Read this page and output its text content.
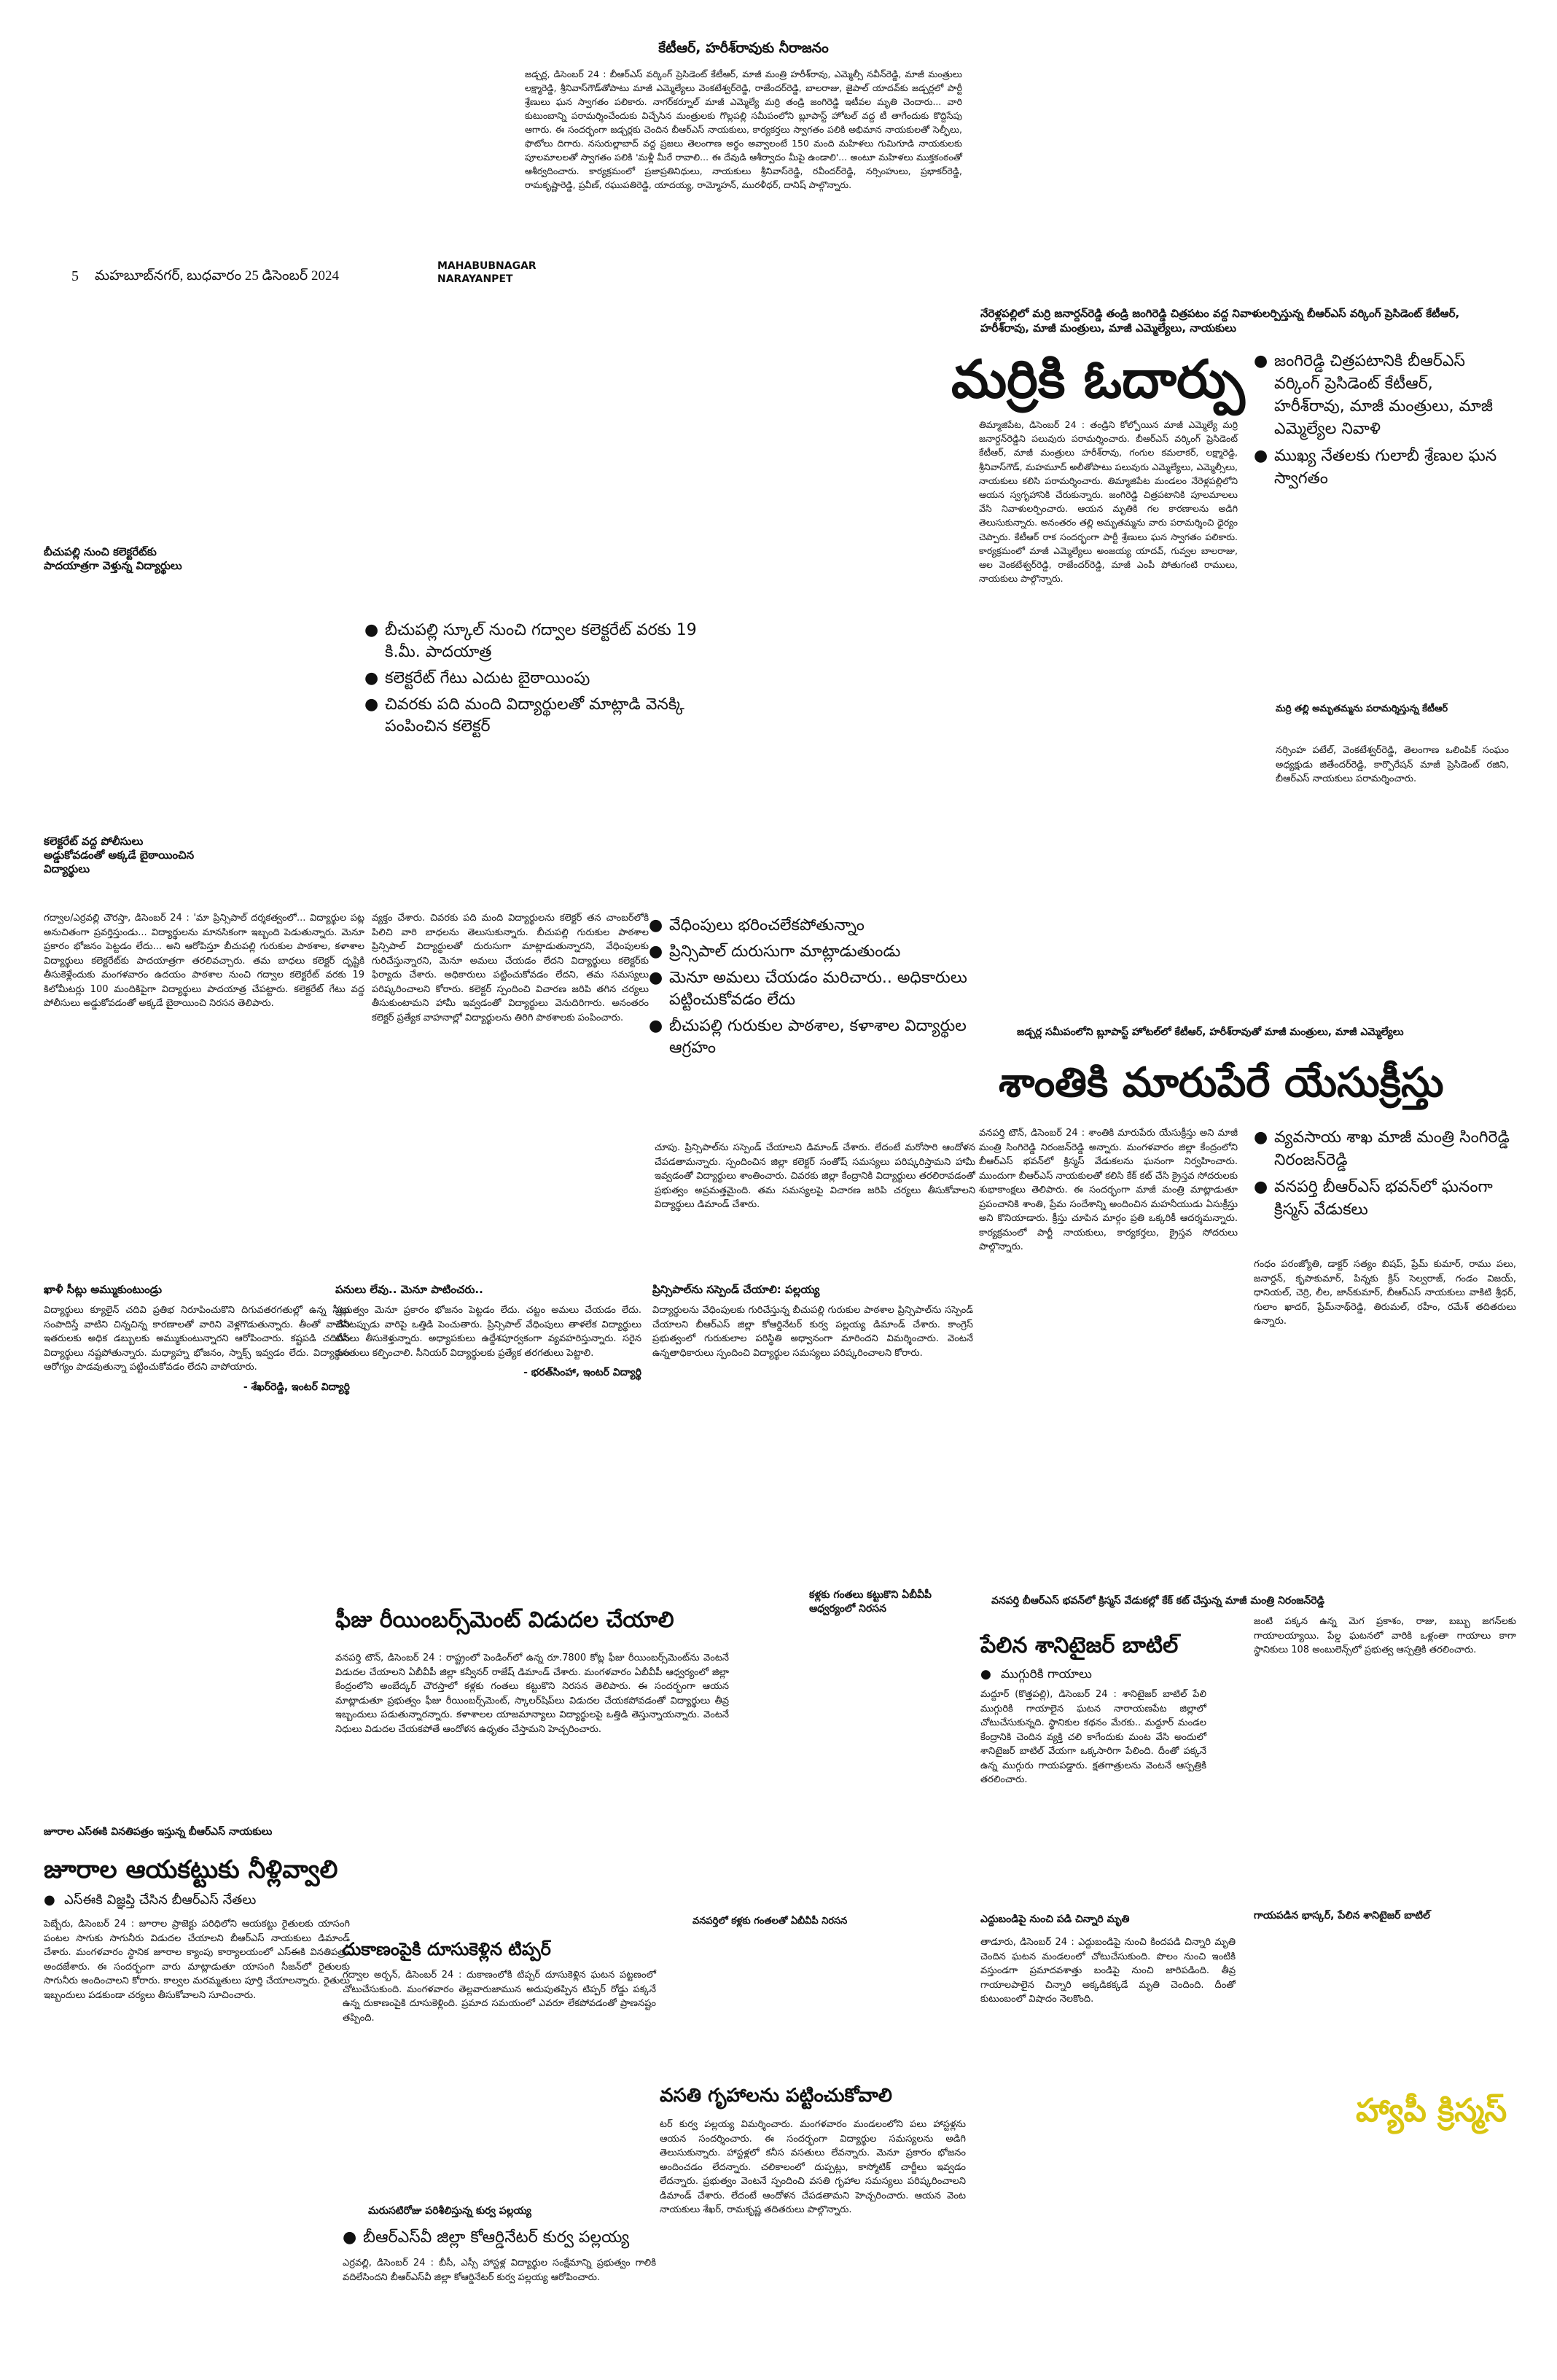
5 మహబూబ్‌నగర్, బుధవారం 25 డిసెంబర్ 2024
MAHABUBNAGAR
NARAYANPET
కేటీఆర్, హరీశ్‌రావుకు నీరాజనం
జడ్చర్ల, డిసెంబర్ 24 : బీఆర్ఎస్ వర్కింగ్ ప్రెసిడెంట్ కేటీఆర్, మాజీ మంత్రి హరీశ్‌రావు, ఎమ్మెల్సీ నవీన్‌రెడ్డి, మాజీ మంత్రులు లక్ష్మారెడ్డి, శ్రీనివాస్‌గౌడ్‌తోపాటు మాజీ ఎమ్మెల్యేలు వెంకటేశ్వర్‌రెడ్డి, రాజేందర్‌రెడ్డి, బాలరాజు, జైపాల్ యాదవ్‌కు జడ్చర్లలో పార్టీ శ్రేణులు ఘన స్వాగతం పలికారు. నాగర్‌కర్నూల్ మాజీ ఎమ్మెల్యే మర్రి తండ్రి జంగిరెడ్డి ఇటీవల మృతి చెందారు... వారి కుటుంబాన్ని పరామర్శించేందుకు విచ్చేసిన మంత్రులకు గొల్లపల్లి సమీపంలోని బ్లూపాస్ట్ హోటల్ వద్ద టీ తాగేందుకు కొద్దిసేపు ఆగారు. ఈ సందర్భంగా జడ్చర్లకు చెందిన బీఆర్ఎస్ నాయకులు, కార్యకర్తలు స్వాగతం పలికి అభిమాన నాయకులతో సెల్ఫీలు, ఫొటోలు దిగారు. నసురుల్లాబాద్ వద్ద ప్రజలు తెలంగాణ అర్థం అవ్వాలంటే 150 మంది మహిళలు గుమిగూడి నాయకులకు పూలమాలలతో స్వాగతం పలికి 'మళ్లీ మీరే రావాలి... ఈ దేవుడి ఆశీర్వాదం మీపై ఉండాలి'... అంటూ మహిళలు ముక్తకంఠంతో ఆశీర్వదించారు. కార్యక్రమంలో ప్రజాప్రతినిధులు, నాయకులు శ్రీనివాస్‌రెడ్డి, రవీందర్‌రెడ్డి, నర్సింహులు, ప్రభాకర్‌రెడ్డి, రామకృష్ణారెడ్డి, ప్రవీణ్, రఘుపతిరెడ్డి, యాదయ్య, రామ్మోహన్, మురళీధర్, దానిష్ పాల్గొన్నారు.
బీచుపల్లి నుంచి కలెక్టరేట్‌కు పాదయాత్రగా వెళ్తున్న విద్యార్థులు
● బీచుపల్లి స్కూల్ నుంచి గద్వాల కలెక్టరేట్ వరకు 19 కి.మీ. పాదయాత్ర
● కలెక్టరేట్ గేటు ఎదుట బైఠాయింపు
● చివరకు పది మంది విద్యార్థులతో మాట్లాడి వెనక్కి పంపించిన కలెక్టర్
కలెక్టరేట్ వద్ద పోలీసులు అడ్డుకోవడంతో అక్కడే బైఠాయించిన విద్యార్థులు
గద్వాల/ఎర్రవల్లి చౌరస్తా, డిసెంబర్ 24 : 'మా ప్రిన్సిపాల్ దర్శకత్వంలో... విద్యార్థుల పట్ల అనుచితంగా ప్రవర్తిస్తుండు... విద్యార్థులను మానసికంగా ఇబ్బంది పెడుతున్నారు. మెనూ ప్రకారం భోజనం పెట్టడం లేదు... అని ఆరోపిస్తూ బీచుపల్లి గురుకుల పాఠశాల, కళాశాల విద్యార్థులు కలెక్టరేట్‌కు పాదయాత్రగా తరలివచ్చారు. తమ బాధలు కలెక్టర్ దృష్టికి తీసుకెళ్లేందుకు మంగళవారం ఉదయం పాఠశాల నుంచి గద్వాల కలెక్టరేట్ వరకు 19 కిలోమీటర్లు 100 మందికిపైగా విద్యార్థులు పాదయాత్ర చేపట్టారు. కలెక్టరేట్ గేటు వద్ద పోలీసులు అడ్డుకోవడంతో అక్కడే బైఠాయించి నిరసన తెలిపారు.
వ్యక్తం చేశారు. చివరకు పది మంది విద్యార్థులను కలెక్టర్ తన చాంబర్‌లోకి పిలిచి వారి బాధలను తెలుసుకున్నారు. బీచుపల్లి గురుకుల పాఠశాల ప్రిన్సిపాల్ విద్యార్థులతో దురుసుగా మాట్లాడుతున్నారని, వేధింపులకు గురిచేస్తున్నారని, మెనూ అమలు చేయడం లేదని విద్యార్థులు కలెక్టర్‌కు ఫిర్యాదు చేశారు. అధికారులు పట్టించుకోవడం లేదని, తమ సమస్యలు పరిష్కరించాలని కోరారు. కలెక్టర్ స్పందించి విచారణ జరిపి తగిన చర్యలు తీసుకుంటామని హామీ ఇవ్వడంతో విద్యార్థులు వెనుదిరిగారు. అనంతరం కలెక్టర్ ప్రత్యేక వాహనాల్లో విద్యార్థులను తిరిగి పాఠశాలకు పంపించారు.
● వేధింపులు భరించలేకపోతున్నాం
● ప్రిన్సిపాల్ దురుసుగా మాట్లాడుతుండు
● మెనూ అమలు చేయడం మరిచారు.. అధికారులు పట్టించుకోవడం లేదు
● బీచుపల్లి గురుకుల పాఠశాల, కళాశాల విద్యార్థుల ఆగ్రహం
చూపు. ప్రిన్సిపాల్‌ను సస్పెండ్ చేయాలని డిమాండ్ చేశారు. లేదంటే మరోసారి ఆందోళన చేపడతామన్నారు. స్పందించిన జిల్లా కలెక్టర్ సంతోష్ సమస్యలు పరిష్కరిస్తామని హామీ ఇవ్వడంతో విద్యార్థులు శాంతించారు. చివరకు జిల్లా కేంద్రానికి విద్యార్థులు తరలిరావడంతో ప్రభుత్వం అప్రమత్తమైంది. తమ సమస్యలపై విచారణ జరిపి చర్యలు తీసుకోవాలని విద్యార్థులు డిమాండ్ చేశారు.
ఖాళీ సీట్లు అమ్ముకుంటుండ్రు
విద్యార్థులు క్యూలైన్ చదివి ప్రతిభ నిరూపించుకొని దిగువతరగతుల్లో ఉన్న సీట్లు సంపాదిస్తే వాటిని చిన్నచిన్న కారణాలతో వారిని వెళ్లగొడుతున్నారు. తీంతో వాటిని ఇతరులకు అధిక డబ్బులకు అమ్ముకుంటున్నారని ఆరోపించారు. కష్టపడి చదివిన విద్యార్థులు నష్టపోతున్నారు. మధ్యాహ్న భోజనం, స్నాక్స్ ఇవ్వడం లేదు. విద్యార్థుల ఆరోగ్యం పాడవుతున్నా పట్టించుకోవడం లేదని వాపోయారు.
- శేఖర్‌రెడ్డి, ఇంటర్ విద్యార్థి
పనులు లేవు.. మెనూ పాటించరు..
ప్రభుత్వం మెనూ ప్రకారం భోజనం పెట్టడం లేదు. చట్టం అమలు చేయడం లేదు. చేసేటప్పుడు వారిపై ఒత్తిడి పెంచుతారు. ప్రిన్సిపాల్ వేధింపులు తాళలేక విద్యార్థులు టీసీలు తీసుకెళ్తున్నారు. అధ్యాపకులు ఉద్దేశపూర్వకంగా వ్యవహరిస్తున్నారు. సరైన వసతులు కల్పించాలి. సీనియర్ విద్యార్థులకు ప్రత్యేక తరగతులు పెట్టాలి.
- భరత్‌సింహా, ఇంటర్ విద్యార్థి
ప్రిన్సిపాల్‌ను సస్పెండ్ చేయాలి: పల్లయ్య
విద్యార్థులను వేధింపులకు గురిచేస్తున్న బీచుపల్లి గురుకుల పాఠశాల ప్రిన్సిపాల్‌ను సస్పెండ్ చేయాలని బీఆర్ఎస్ జిల్లా కోఆర్డినేటర్ కుర్వ పల్లయ్య డిమాండ్ చేశారు. కాంగ్రెస్ ప్రభుత్వంలో గురుకులాల పరిస్థితి అధ్వానంగా మారిందని విమర్శించారు. వెంటనే ఉన్నతాధికారులు స్పందించి విద్యార్థుల సమస్యలు పరిష్కరించాలని కోరారు.
నేరెళ్లపల్లిలో మర్రి జనార్దన్‌రెడ్డి తండ్రి జంగిరెడ్డి చిత్రపటం వద్ద నివాళులర్పిస్తున్న బీఆర్ఎస్ వర్కింగ్ ప్రెసిడెంట్ కేటీఆర్, హరీశ్‌రావు, మాజీ మంత్రులు, మాజీ ఎమ్మెల్యేలు, నాయకులు
మర్రికి ఓదార్పు
●	జంగిరెడ్డి చిత్రపటానికి బీఆర్ఎస్ వర్కింగ్ ప్రెసిడెంట్ కేటీఆర్, హరీశ్‌రావు, మాజీ మంత్రులు, మాజీ ఎమ్మెల్యేల నివాళి
● ముఖ్య నేతలకు గులాబీ శ్రేణుల ఘన స్వాగతం
తిమ్మాజిపేట, డిసెంబర్ 24 : తండ్రిని కోల్పోయిన మాజీ ఎమ్మెల్యే మర్రి జనార్దన్‌రెడ్డిని పలువురు పరామర్శించారు. బీఆర్ఎస్ వర్కింగ్ ప్రెసిడెంట్ కేటీఆర్, మాజీ మంత్రులు హరీశ్‌రావు, గంగుల కమలాకర్, లక్ష్మారెడ్డి, శ్రీనివాస్‌గౌడ్, మహమూద్ అలీతోపాటు పలువురు ఎమ్మెల్యేలు, ఎమ్మెల్సీలు, నాయకులు కలిసి పరామర్శించారు. తిమ్మాజిపేట మండలం నేరెళ్లపల్లిలోని ఆయన స్వగృహానికి చేరుకున్నారు. జంగిరెడ్డి చిత్రపటానికి పూలమాలలు వేసి నివాళులర్పించారు. ఆయన మృతికి గల కారణాలను అడిగి తెలుసుకున్నారు. అనంతరం తల్లి అమృతమ్మను వారు పరామర్శించి ధైర్యం చెప్పారు. కేటీఆర్ రాక సందర్భంగా పార్టీ శ్రేణులు ఘన స్వాగతం పలికారు. కార్యక్రమంలో మాజీ ఎమ్మెల్యేలు అంజయ్య యాదవ్, గువ్వల బాలరాజు, ఆల వెంకటేశ్వర్‌రెడ్డి, రాజేందర్‌రెడ్డి, మాజీ ఎంపీ పోతుగంటి రాములు, నాయకులు పాల్గొన్నారు.
మర్రి తల్లి అమృతమ్మను పరామర్శిస్తున్న కేటీఆర్
నర్సింహ పటేల్, వెంకటేశ్వర్‌రెడ్డి, తెలంగాణ ఒలింపిక్ సంఘం అధ్యక్షుడు జితేందర్‌రెడ్డి, కార్పొరేషన్ మాజీ ప్రెసిడెంట్ రజిని, బీఆర్ఎస్ నాయకులు పరామర్శించారు.
జడ్చర్ల సమీపంలోని బ్లూపాస్ట్ హోటల్‌లో కేటీఆర్, హరీశ్‌రావుతో మాజీ మంత్రులు, మాజీ ఎమ్మెల్యేలు
శాంతికి మారుపేరే యేసుక్రీస్తు
వనపర్తి టౌన్, డిసెంబర్ 24 : శాంతికి మారుపేరు యేసుక్రీస్తు అని మాజీ మంత్రి సింగిరెడ్డి నిరంజన్‌రెడ్డి అన్నారు. మంగళవారం జిల్లా కేంద్రంలోని బీఆర్ఎస్ భవన్‌లో క్రిస్మస్ వేడుకలను ఘనంగా నిర్వహించారు. ముందుగా బీఆర్ఎస్ నాయకులతో కలిసి కేక్ కట్ చేసి క్రైస్తవ సోదరులకు శుభాకాంక్షలు తెలిపారు. ఈ సందర్భంగా మాజీ మంత్రి మాట్లాడుతూ ప్రపంచానికి శాంతి, ప్రేమ సందేశాన్ని అందించిన మహనీయుడు ఏసుక్రీస్తు అని కొనియాడారు. క్రీస్తు చూపిన మార్గం ప్రతి ఒక్కరికీ ఆదర్శమన్నారు. కార్యక్రమంలో పార్టీ నాయకులు, కార్యకర్తలు, క్రైస్తవ సోదరులు పాల్గొన్నారు.
● వ్యవసాయ శాఖ మాజీ మంత్రి సింగిరెడ్డి నిరంజన్‌రెడ్డి
● వనపర్తి బీఆర్ఎస్ భవన్‌లో ఘనంగా క్రిస్మస్ వేడుకలు
గంధం పరంజ్యోతి, డాక్టర్ సత్యం బిషప్, ప్రేమ్ కుమార్, రాము పలు, జనార్దన్, కృపాకుమార్, పిన్నకు క్రిస్ సెల్వరాజ్, గండం విజయ్, ధానియల్, చెర్రి, లీల, జాన్‌కుమార్, బీఆర్ఎస్ నాయకులు వాకిటి శ్రీధర్, గులాం ఖాదర్, ప్రేమ్‌నాథ్‌రెడ్డి, తిరుమల్, రహీం, రమేశ్ తదితరులు ఉన్నారు.
ఫీజు రీయింబర్స్‌మెంట్ విడుదల చేయాలి
కళ్లకు గంతలు కట్టుకొని ఏబీవీపీ ఆధ్వర్యంలో నిరసన
వనపర్తి టౌన్, డిసెంబర్ 24 : రాష్ట్రంలో పెండింగ్‌లో ఉన్న రూ.7800 కోట్ల ఫీజు రీయింబర్స్‌మెంట్‌ను వెంటనే విడుదల చేయాలని ఏబీవీపీ జిల్లా కన్వీనర్ రాజేష్ డిమాండ్ చేశారు. మంగళవారం ఏబీవీపీ ఆధ్వర్యంలో జిల్లా కేంద్రంలోని అంబేద్కర్ చౌరస్తాలో కళ్లకు గంతలు కట్టుకొని నిరసన తెలిపారు. ఈ సందర్భంగా ఆయన మాట్లాడుతూ ప్రభుత్వం ఫీజు రీయింబర్స్‌మెంట్, స్కాలర్‌షిప్‌లు విడుదల చేయకపోవడంతో విద్యార్థులు తీవ్ర ఇబ్బందులు పడుతున్నారన్నారు. కళాశాలల యాజమాన్యాలు విద్యార్థులపై ఒత్తిడి తెస్తున్నాయన్నారు. వెంటనే నిధులు విడుదల చేయకపోతే ఆందోళన ఉధృతం చేస్తామని హెచ్చరించారు.
వనపర్తిలో కళ్లకు గంతలతో ఏబీవీపీ నిరసన
వనపర్తి బీఆర్ఎస్ భవన్‌లో క్రిస్మస్ వేడుకల్లో కేక్ కట్ చేస్తున్న మాజీ మంత్రి నిరంజన్‌రెడ్డి
పేలిన శానిటైజర్ బాటిల్
● ముగ్గురికి గాయాలు
మద్దూర్ (కొత్తపల్లి), డిసెంబర్ 24 : శానిటైజర్ బాటిల్ పేలి ముగ్గురికి గాయాలైన ఘటన నారాయణపేట జిల్లాలో చోటుచేసుకున్నది. స్థానికుల కథనం మేరకు.. మద్దూర్ మండల కేంద్రానికి చెందిన వ్యక్తి చలి కాగేందుకు మంట వేసి అందులో శానిటైజర్ బాటిల్ వేయగా ఒక్కసారిగా పేలింది. దీంతో పక్కనే ఉన్న ముగ్గురు గాయపడ్డారు. క్షతగాత్రులను వెంటనే ఆస్పత్రికి తరలించారు.
జంటి పక్కన ఉన్న మెగ ప్రకాశం, రాజు, బబ్బు జగన్‌లకు గాయాలయ్యాయి. పేల్డ ఘటనలో వారికి ఒళ్లంతా గాయాలు కాగా స్థానికులు 108 అంబులెన్స్‌లో ప్రభుత్వ ఆస్పత్రికి తరలించారు.
ఎద్దుబండిపై నుంచి పడి చిన్నారి మృతి
తాడూరు, డిసెంబర్ 24 : ఎద్దుబండిపై నుంచి కిందపడి చిన్నారి మృతి చెందిన ఘటన మండలంలో చోటుచేసుకుంది. పొలం నుంచి ఇంటికి వస్తుండగా ప్రమాదవశాత్తు బండిపై నుంచి జారిపడింది. తీవ్ర గాయాలపాలైన చిన్నారి అక్కడికక్కడే మృతి చెందింది. దీంతో కుటుంబంలో విషాదం నెలకొంది.
గాయపడిన భాస్కర్, పేలిన శానిటైజర్ బాటిల్
హ్యాపీ క్రిస్మస్
జూరాల ఎస్ఈకి వినతిపత్రం ఇస్తున్న బీఆర్ఎస్ నాయకులు
జూరాల ఆయకట్టుకు నీళ్లివ్వాలి
● ఎస్ఈకి విజ్ఞప్తి చేసిన బీఆర్ఎస్ నేతలు
పెబ్బేరు, డిసెంబర్ 24 : జూరాల ప్రాజెక్టు పరిధిలోని ఆయకట్టు రైతులకు యాసంగి పంటల సాగుకు సాగునీరు విడుదల చేయాలని బీఆర్ఎస్ నాయకులు డిమాండ్ చేశారు. మంగళవారం స్థానిక జూరాల క్యాంపు కార్యాలయంలో ఎస్ఈకి వినతిపత్రం అందజేశారు. ఈ సందర్భంగా వారు మాట్లాడుతూ యాసంగి సీజన్‌లో రైతులకు సాగునీరు అందించాలని కోరారు. కాల్వల మరమ్మతులు పూర్తి చేయాలన్నారు. రైతులు ఇబ్బందులు పడకుండా చర్యలు తీసుకోవాలని సూచించారు.
దుకాణంపైకి దూసుకెళ్లిన టిప్పర్
గద్వాల అర్బన్, డిసెంబర్ 24 : దుకాణంలోకి టిప్పర్ దూసుకెళ్లిన ఘటన పట్టణంలో చోటుచేసుకుంది. మంగళవారం తెల్లవారుజామున అదుపుతప్పిన టిప్పర్ రోడ్డు పక్కనే ఉన్న దుకాణంపైకి దూసుకెళ్లింది. ప్రమాద సమయంలో ఎవరూ లేకపోవడంతో ప్రాణనష్టం తప్పింది.
మరుసటిరోజు పరిశీలిస్తున్న కుర్వ పల్లయ్య
● బీఆర్ఎస్‌వీ జిల్లా కోఆర్డినేటర్ కుర్వ పల్లయ్య
ఎర్రవల్లి, డిసెంబర్ 24 : బీసీ, ఎస్సీ హాస్టళ్ల విద్యార్థుల సంక్షేమాన్ని ప్రభుత్వం గాలికి వదిలేసిందని బీఆర్ఎస్‌వీ జిల్లా కోఆర్డినేటర్ కుర్వ పల్లయ్య ఆరోపించారు.
వసతి గృహాలను పట్టించుకోవాలి
టర్ కుర్వ పల్లయ్య విమర్శించారు. మంగళవారం మండలంలోని పలు హాస్టళ్లను ఆయన సందర్శించారు. ఈ సందర్భంగా విద్యార్థుల సమస్యలను అడిగి తెలుసుకున్నారు. హాస్టళ్లలో కనీస వసతులు లేవన్నారు. మెనూ ప్రకారం భోజనం అందించడం లేదన్నారు. చలికాలంలో దుప్పట్లు, కాస్మోటిక్ చార్జీలు ఇవ్వడం లేదన్నారు. ప్రభుత్వం వెంటనే స్పందించి వసతి గృహాల సమస్యలు పరిష్కరించాలని డిమాండ్ చేశారు. లేదంటే ఆందోళన చేపడతామని హెచ్చరించారు. ఆయన వెంట నాయకులు శేఖర్, రామకృష్ణ తదితరులు పాల్గొన్నారు.
